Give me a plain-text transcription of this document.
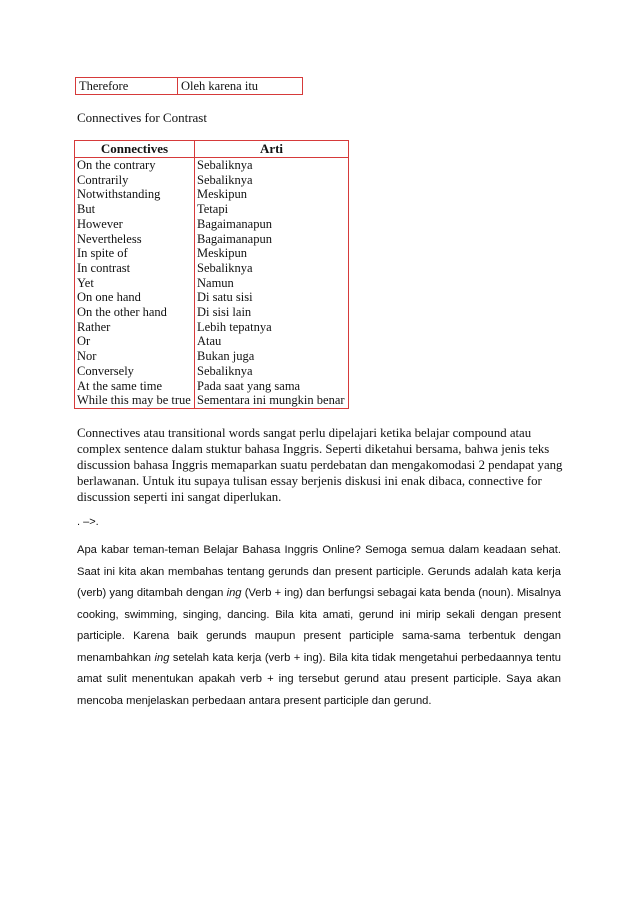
Therefore	Oleh karena itu

Connectives for Contrast

Connectives	Arti
On the contrary	Sebaliknya
Contrarily	Sebaliknya
Notwithstanding	Meskipun
But	Tetapi
However	Bagaimanapun
Nevertheless	Bagaimanapun
In spite of	Meskipun
In contrast	Sebaliknya
Yet	Namun
On one hand	Di satu sisi
On the other hand	Di sisi lain
Rather	Lebih tepatnya
Or	Atau
Nor	Bukan juga
Conversely	Sebaliknya
At the same time	Pada saat yang sama
While this may be true	Sementara ini mungkin benar

Connectives atau transitional words sangat perlu dipelajari ketika belajar compound atau complex sentence dalam stuktur bahasa Inggris. Seperti diketahui bersama, bahwa jenis teks discussion bahasa Inggris memaparkan suatu perdebatan dan mengakomodasi 2 pendapat yang berlawanan. Untuk itu supaya tulisan essay berjenis diskusi ini enak dibaca, connective for discussion seperti ini sangat diperlukan.

. –>.

Apa kabar teman-teman Belajar Bahasa Inggris Online? Semoga semua dalam keadaan sehat. Saat ini kita akan membahas tentang gerunds dan present participle. Gerunds adalah kata kerja (verb) yang ditambah dengan ing (Verb + ing) dan berfungsi sebagai kata benda (noun). Misalnya cooking, swimming, singing, dancing. Bila kita amati, gerund ini mirip sekali dengan present participle. Karena baik gerunds maupun present participle sama-sama terbentuk dengan menambahkan ing setelah kata kerja (verb + ing). Bila kita tidak mengetahui perbedaannya tentu amat sulit menentukan apakah verb + ing tersebut gerund atau present participle. Saya akan mencoba menjelaskan perbedaan antara present participle dan gerund.
